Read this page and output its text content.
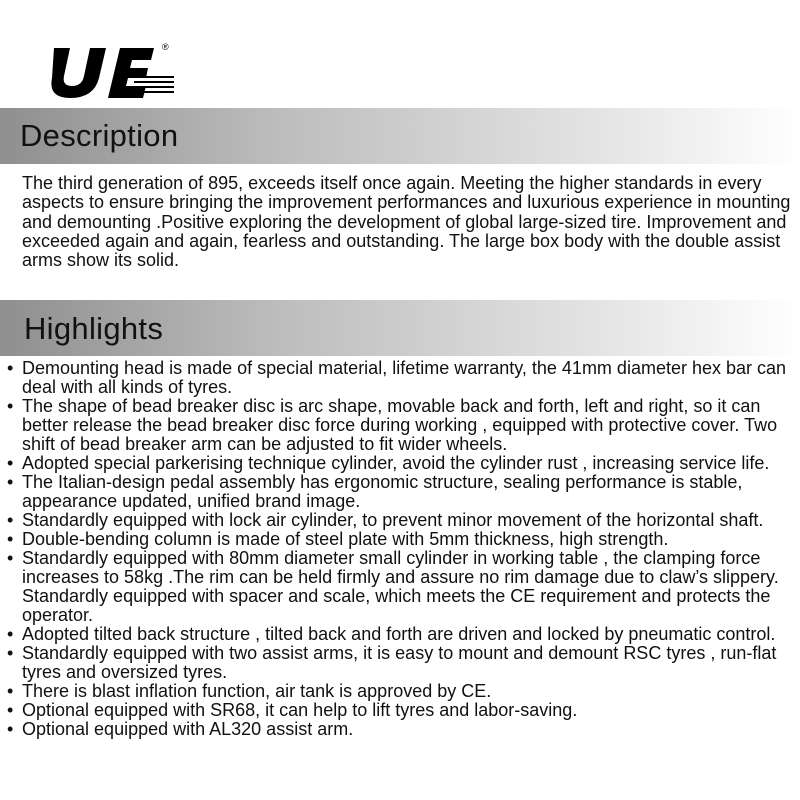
®
Description

The third generation of 895, exceeds itself once again. Meeting the higher standards in every aspects to ensure bringing the improvement performances and luxurious experience in mounting and demounting .Positive exploring the development of global large-sized tire. Improvement and exceeded again and again, fearless and outstanding. The large box body with the double assist arms show its solid.

Highlights
• Demounting head is made of special material, lifetime warranty, the 41mm diameter hex bar can deal with all kinds of tyres.
• The shape of bead breaker disc is arc shape, movable back and forth, left and right, so it can better release the bead breaker disc force during working , equipped with protective cover. Two shift of bead breaker arm can be adjusted to fit wider wheels.
• Adopted special parkerising technique cylinder, avoid the cylinder rust , increasing service life.
• The Italian-design pedal assembly has ergonomic structure, sealing performance is stable, appearance updated, unified brand image.
• Standardly equipped with lock air cylinder, to prevent minor movement of the horizontal shaft.
• Double-bending column is made of steel plate with 5mm thickness, high strength.
• Standardly equipped with 80mm diameter small cylinder in working table , the clamping force increases to 58kg .The rim can be held firmly and assure no rim damage due to claw’s slippery. Standardly equipped with spacer and scale, which meets the CE requirement and protects the operator.
• Adopted tilted back structure , tilted back and forth are driven and locked by pneumatic control.
• Standardly equipped with two assist arms, it is easy to mount and demount RSC tyres , run-flat tyres and oversized tyres.
• There is blast inflation function, air tank is approved by CE.
• Optional equipped with SR68, it can help to lift tyres and labor-saving.
• Optional equipped with AL320 assist arm.
